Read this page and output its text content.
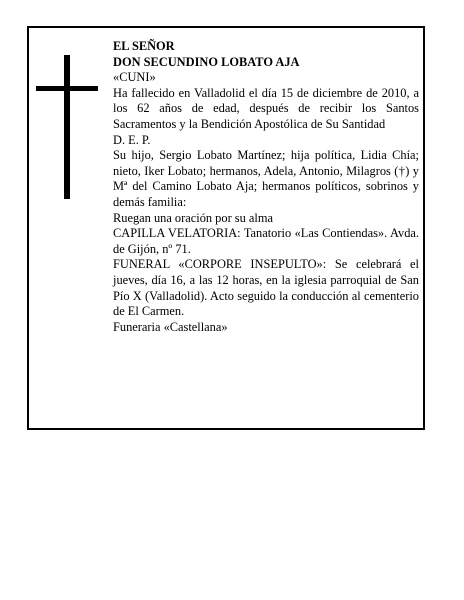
EL SEÑOR

DON SECUNDINO LOBATO AJA

«CUNI»

Ha fallecido en Valladolid el día 15 de diciembre de 2010, a los 62 años de edad, después de recibir los Santos Sacramentos y la Bendición Apostólica de Su Santidad

D. E. P.

Su hijo, Sergio Lobato Martínez; hija política, Lidia Chía; nieto, Iker Lobato; hermanos, Adela, Antonio, Milagros (†) y Mª del Camino Lobato Aja; hermanos políticos, sobrinos y demás familia:

Ruegan una oración por su alma

CAPILLA VELATORIA: Tanatorio «Las Contiendas». Avda. de Gijón, nº 71.

FUNERAL «CORPORE INSEPULTO»: Se celebrará el jueves, día 16, a las 12 horas, en la iglesia parroquial de San Pío X (Valladolid). Acto seguido la conducción al cementerio de El Carmen.

Funeraria «Castellana»
